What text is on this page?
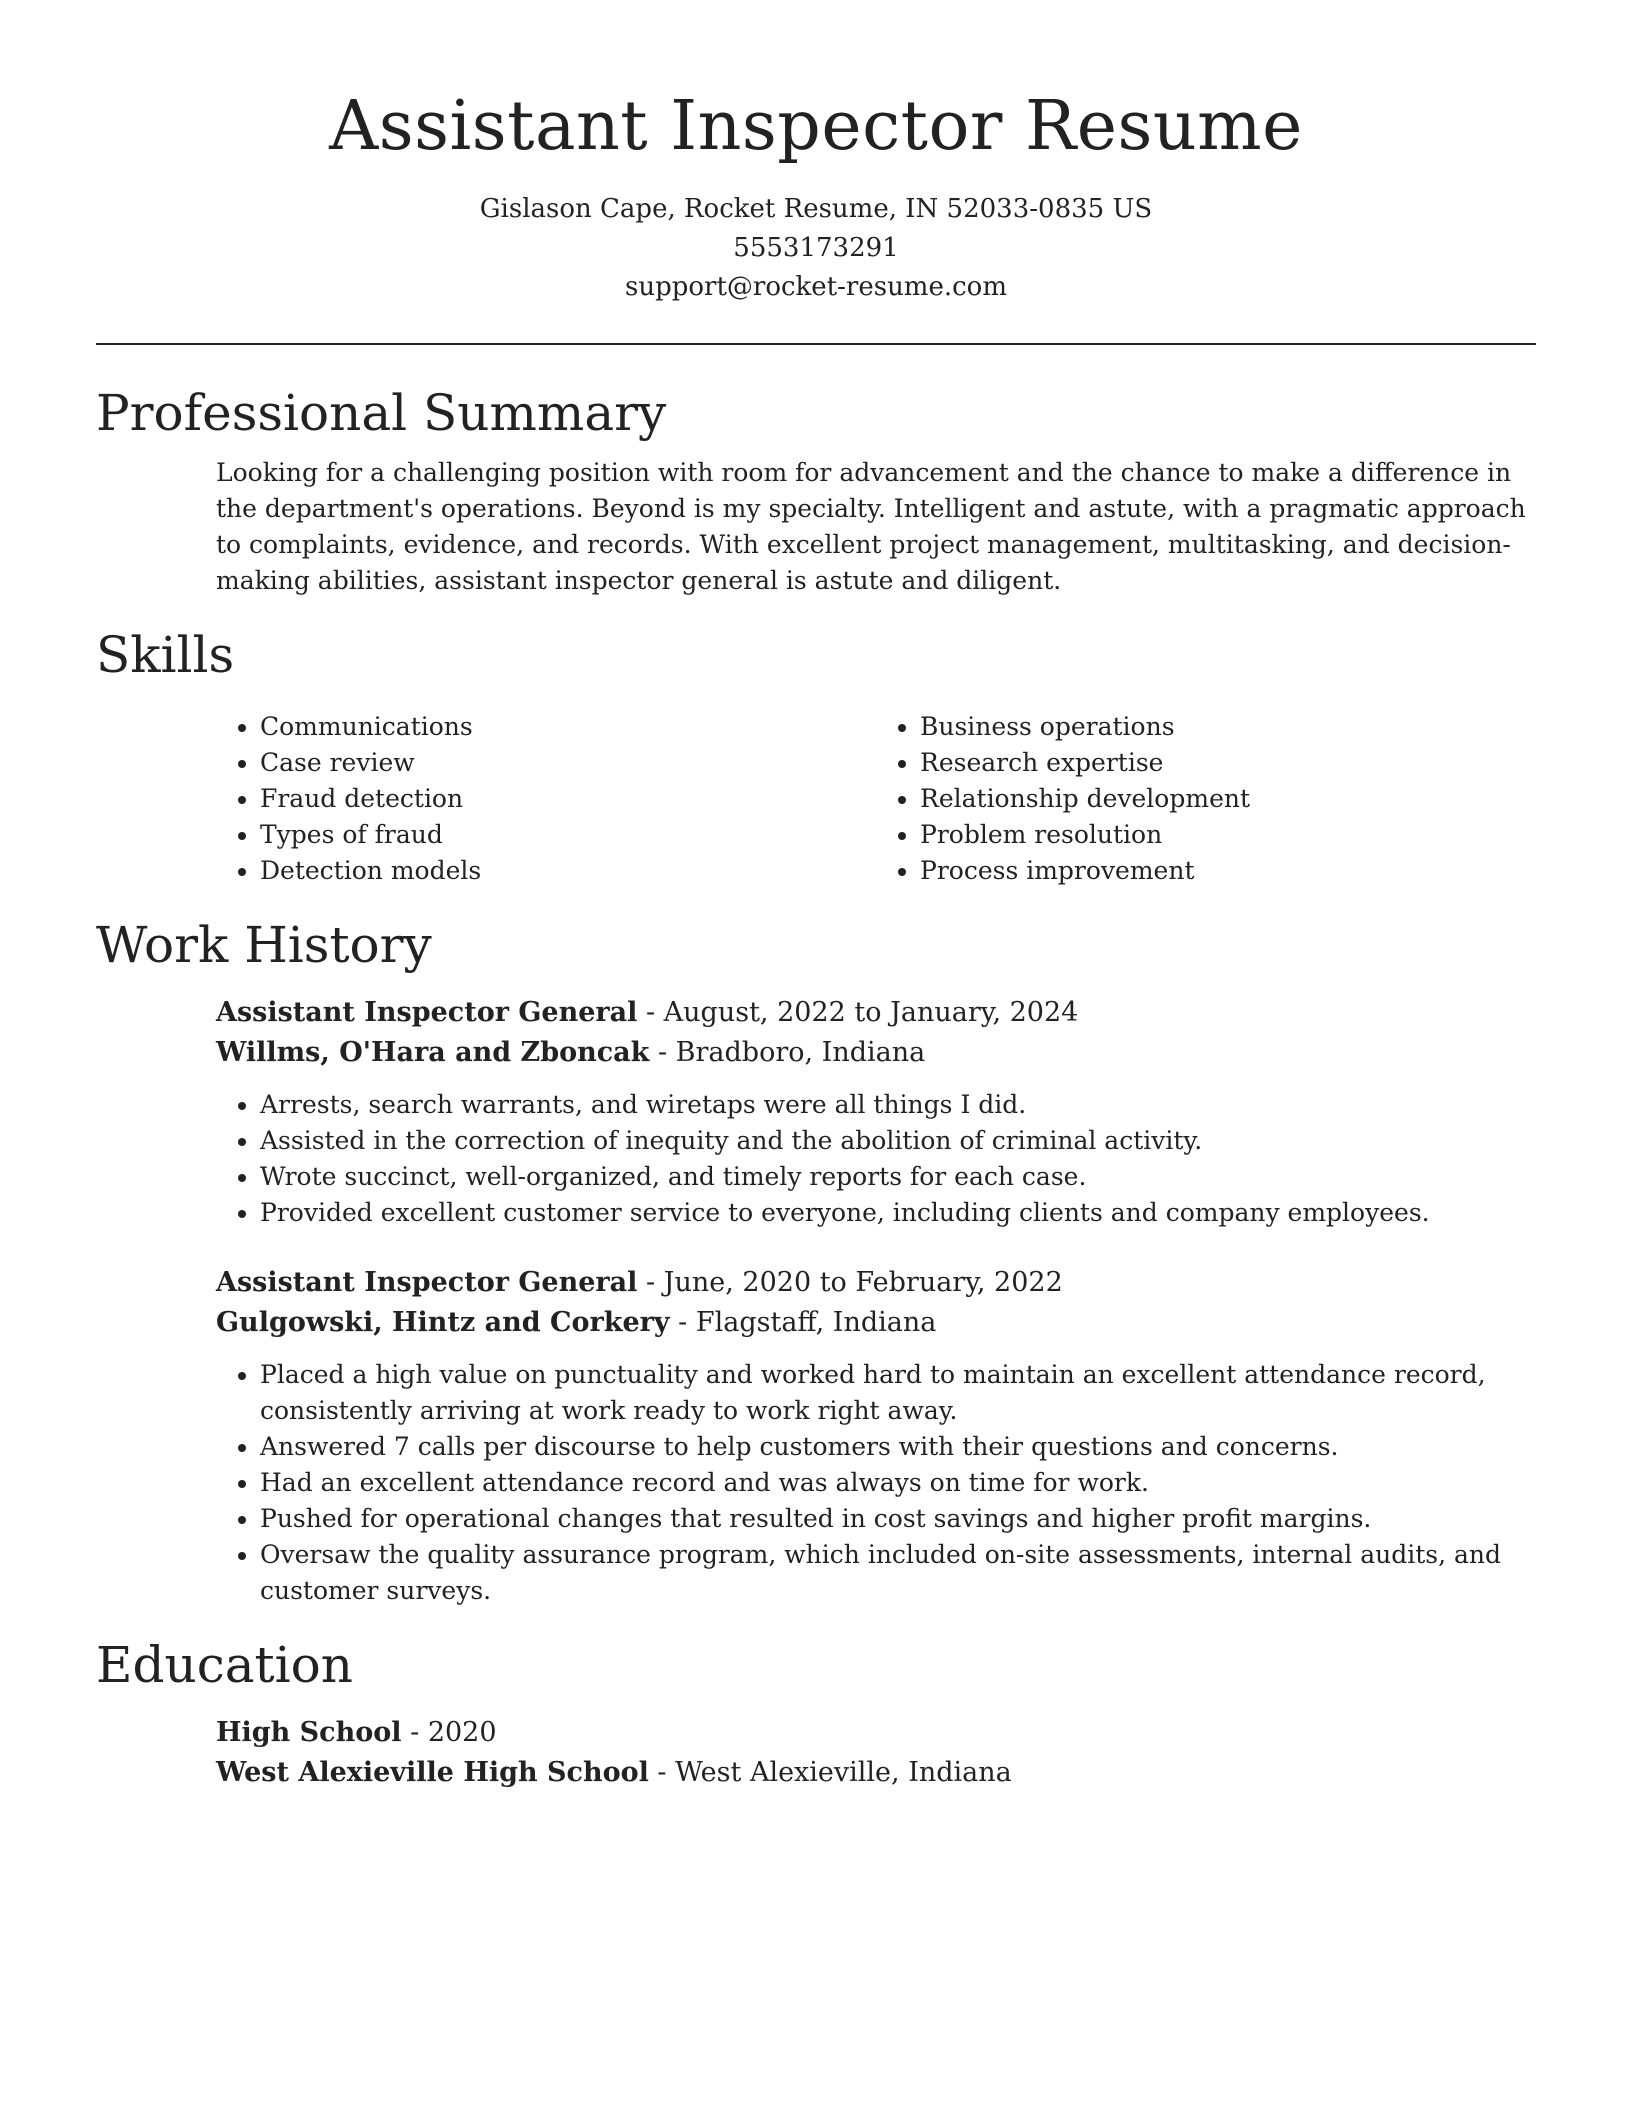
Assistant Inspector Resume
Gislason Cape, Rocket Resume, IN 52033-0835 US
5553173291
support@rocket-resume.com
Professional Summary

Looking for a challenging position with room for advancement and the chance to make a difference in the department's operations. Beyond is my specialty. Intelligent and astute, with a pragmatic approach to complaints, evidence, and records. With excellent project management, multitasking, and decision-making abilities, assistant inspector general is astute and diligent.

Skills
• Communications
• Case review
• Fraud detection
• Types of fraud
• Detection models
• Business operations
• Research expertise
• Relationship development
• Problem resolution
• Process improvement
Work History
Assistant Inspector General - August, 2022 to January, 2024
Willms, O'Hara and Zboncak - Bradboro, Indiana
• Arrests, search warrants, and wiretaps were all things I did.
• Assisted in the correction of inequity and the abolition of criminal activity.
• Wrote succinct, well-organized, and timely reports for each case.
• Provided excellent customer service to everyone, including clients and company employees.
Assistant Inspector General - June, 2020 to February, 2022
Gulgowski, Hintz and Corkery - Flagstaff, Indiana
• Placed a high value on punctuality and worked hard to maintain an excellent attendance record, consistently arriving at work ready to work right away.
• Answered 7 calls per discourse to help customers with their questions and concerns.
• Had an excellent attendance record and was always on time for work.
• Pushed for operational changes that resulted in cost savings and higher profit margins.
• Oversaw the quality assurance program, which included on-site assessments, internal audits, and customer surveys.
Education
High School - 2020
West Alexieville High School - West Alexieville, Indiana
